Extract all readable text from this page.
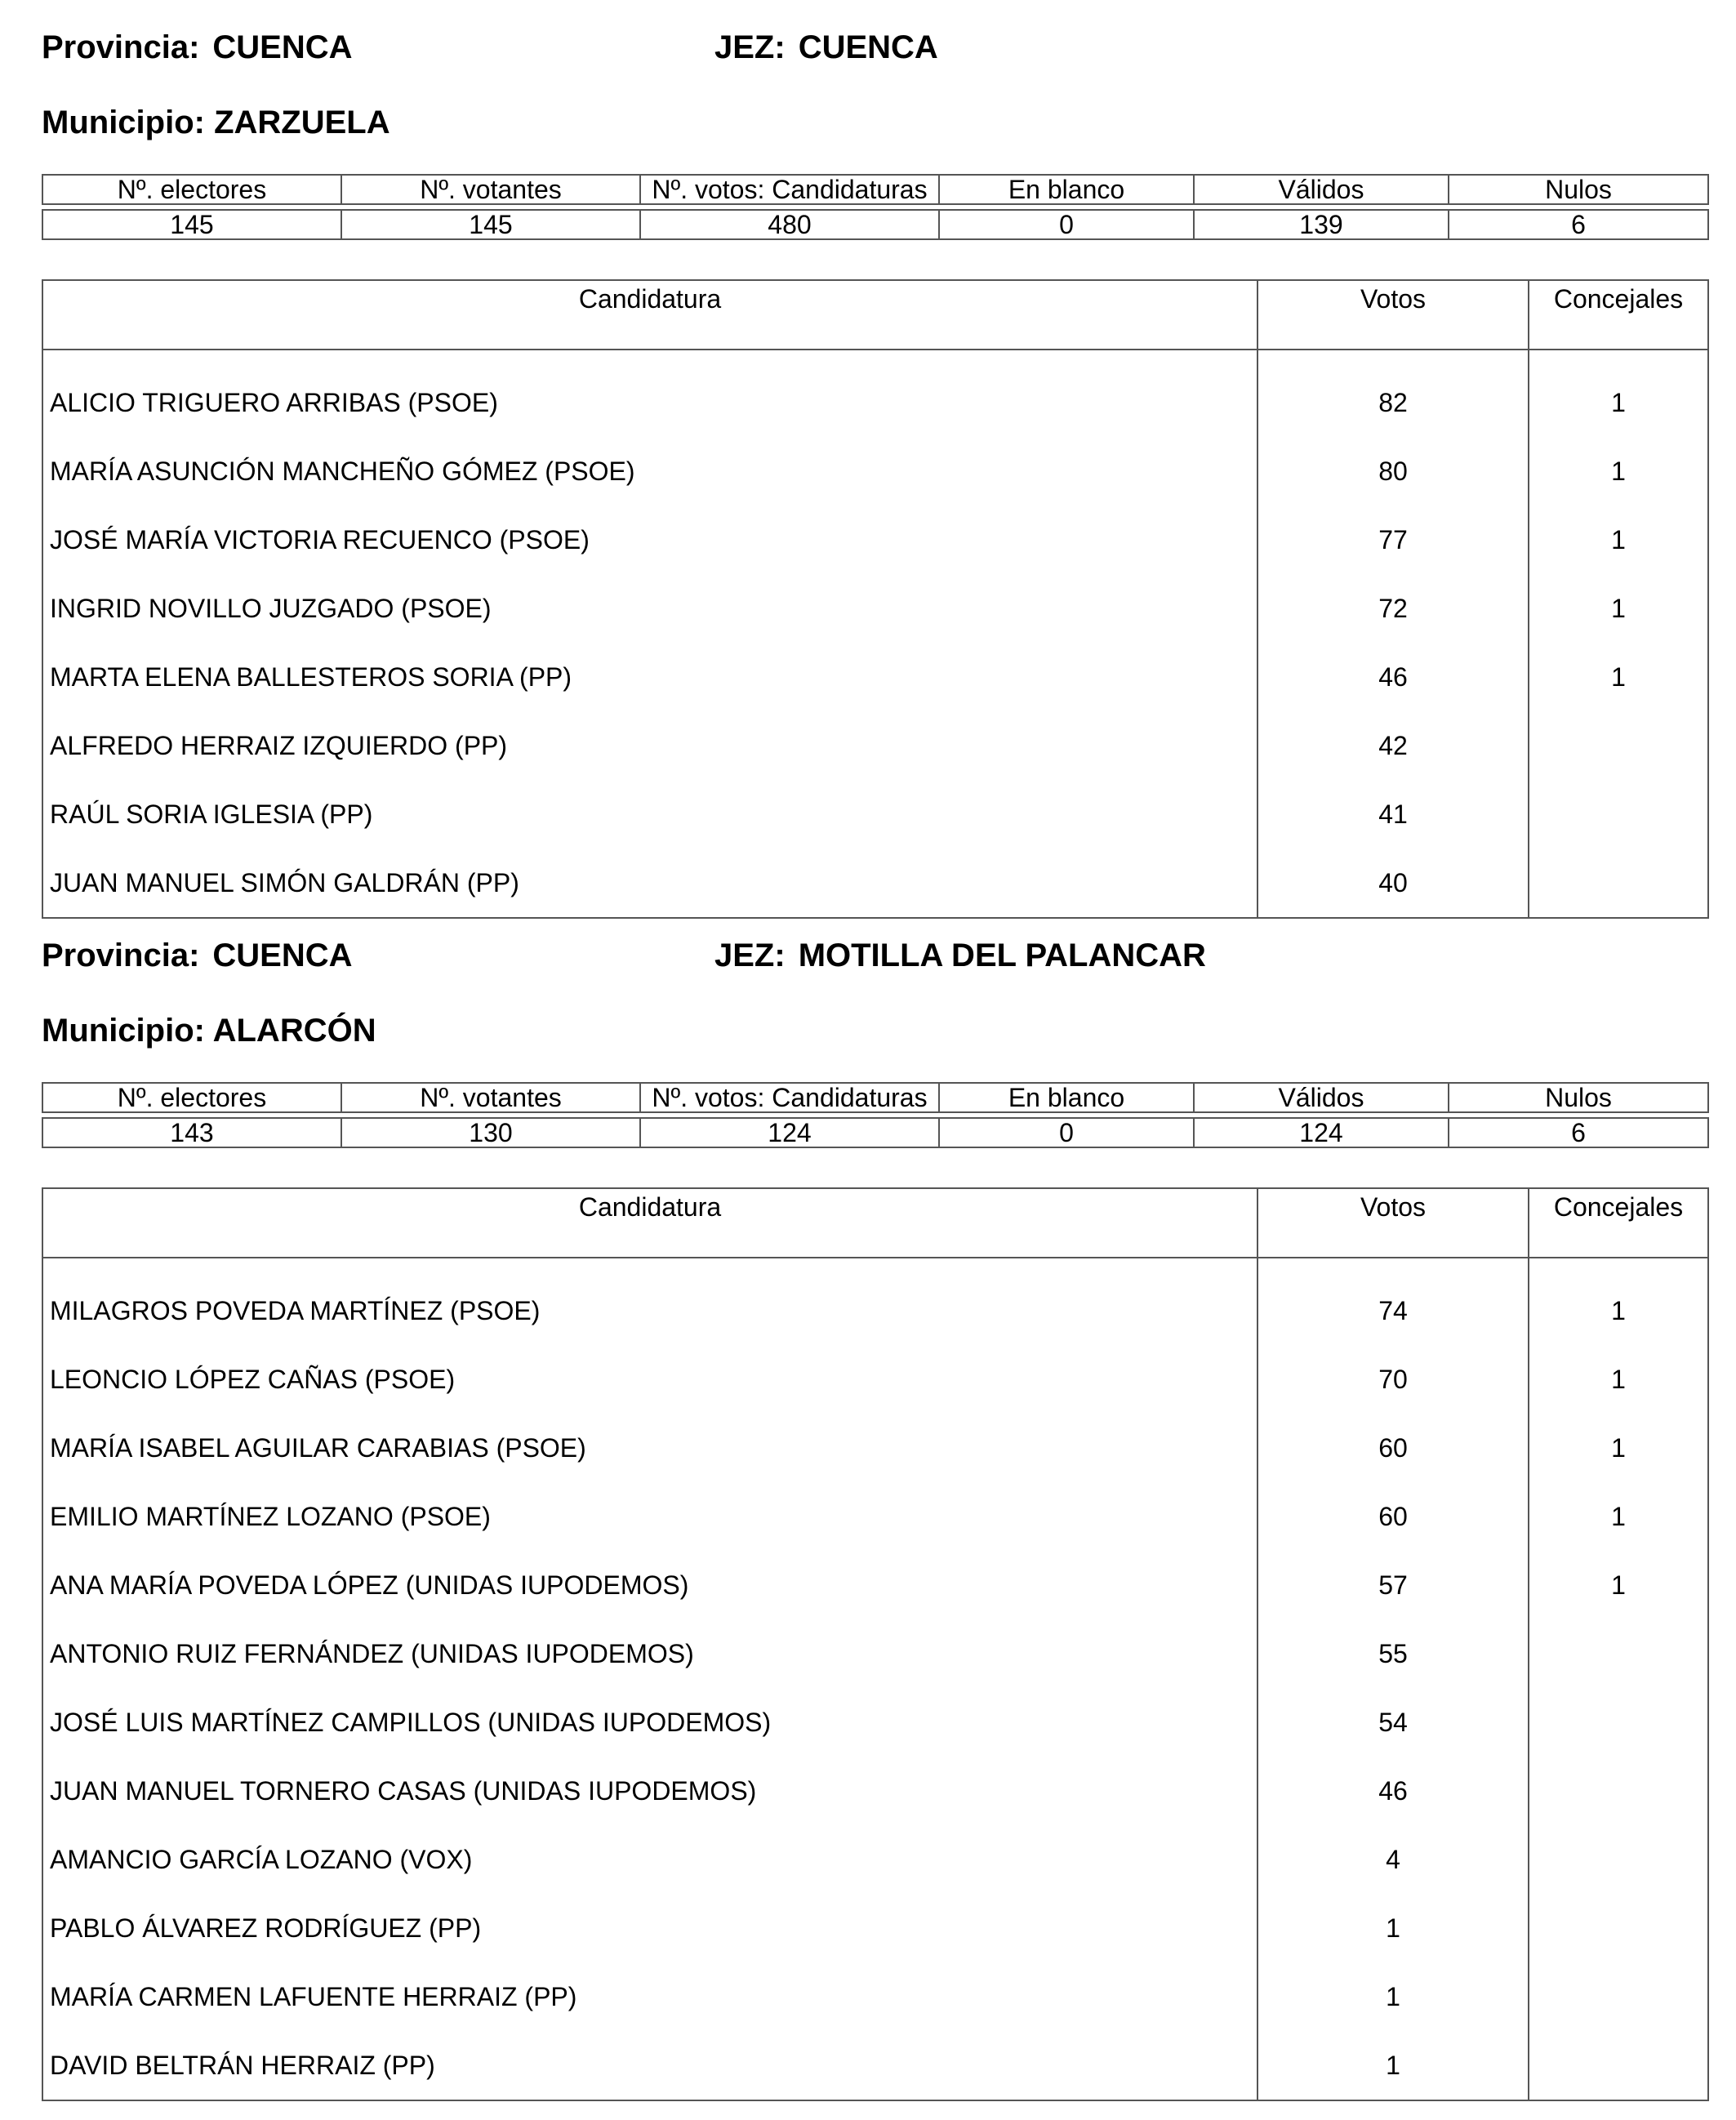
Provincia: CUENCA	JEZ: CUENCA
Municipio: ZARZUELA
Nº. electores	Nº. votantes	Nº. votos: Candidaturas	En blanco	Válidos	Nulos

145	145	480	0	139	6
Candidatura	Votos	Concejales

ALICIO TRIGUERO ARRIBAS (PSOE)	82	1
MARÍA ASUNCIÓN MANCHEÑO GÓMEZ (PSOE)	80	1
JOSÉ MARÍA VICTORIA RECUENCO (PSOE)	77	1
INGRID NOVILLO JUZGADO (PSOE)	72	1
MARTA ELENA BALLESTEROS SORIA (PP)	46	1
ALFREDO HERRAIZ IZQUIERDO (PP)	42	
RAÚL SORIA IGLESIA (PP)	41	
JUAN MANUEL SIMÓN GALDRÁN (PP)	40	
Provincia: CUENCA	JEZ: MOTILLA DEL PALANCAR
Municipio: ALARCÓN
Nº. electores	Nº. votantes	Nº. votos: Candidaturas	En blanco	Válidos	Nulos

143	130	124	0	124	6
Candidatura	Votos	Concejales

MILAGROS POVEDA MARTÍNEZ (PSOE)	74	1
LEONCIO LÓPEZ CAÑAS (PSOE)	70	1
MARÍA ISABEL AGUILAR CARABIAS (PSOE)	60	1
EMILIO MARTÍNEZ LOZANO (PSOE)	60	1
ANA MARÍA POVEDA LÓPEZ (UNIDAS IUPODEMOS)	57	1
ANTONIO RUIZ FERNÁNDEZ (UNIDAS IUPODEMOS)	55	
JOSÉ LUIS MARTÍNEZ CAMPILLOS (UNIDAS IUPODEMOS)	54	
JUAN MANUEL TORNERO CASAS (UNIDAS IUPODEMOS)	46	
AMANCIO GARCÍA LOZANO (VOX)	4	
PABLO ÁLVAREZ RODRÍGUEZ (PP)	1	
MARÍA CARMEN LAFUENTE HERRAIZ (PP)	1	
DAVID BELTRÁN HERRAIZ (PP)	1	
